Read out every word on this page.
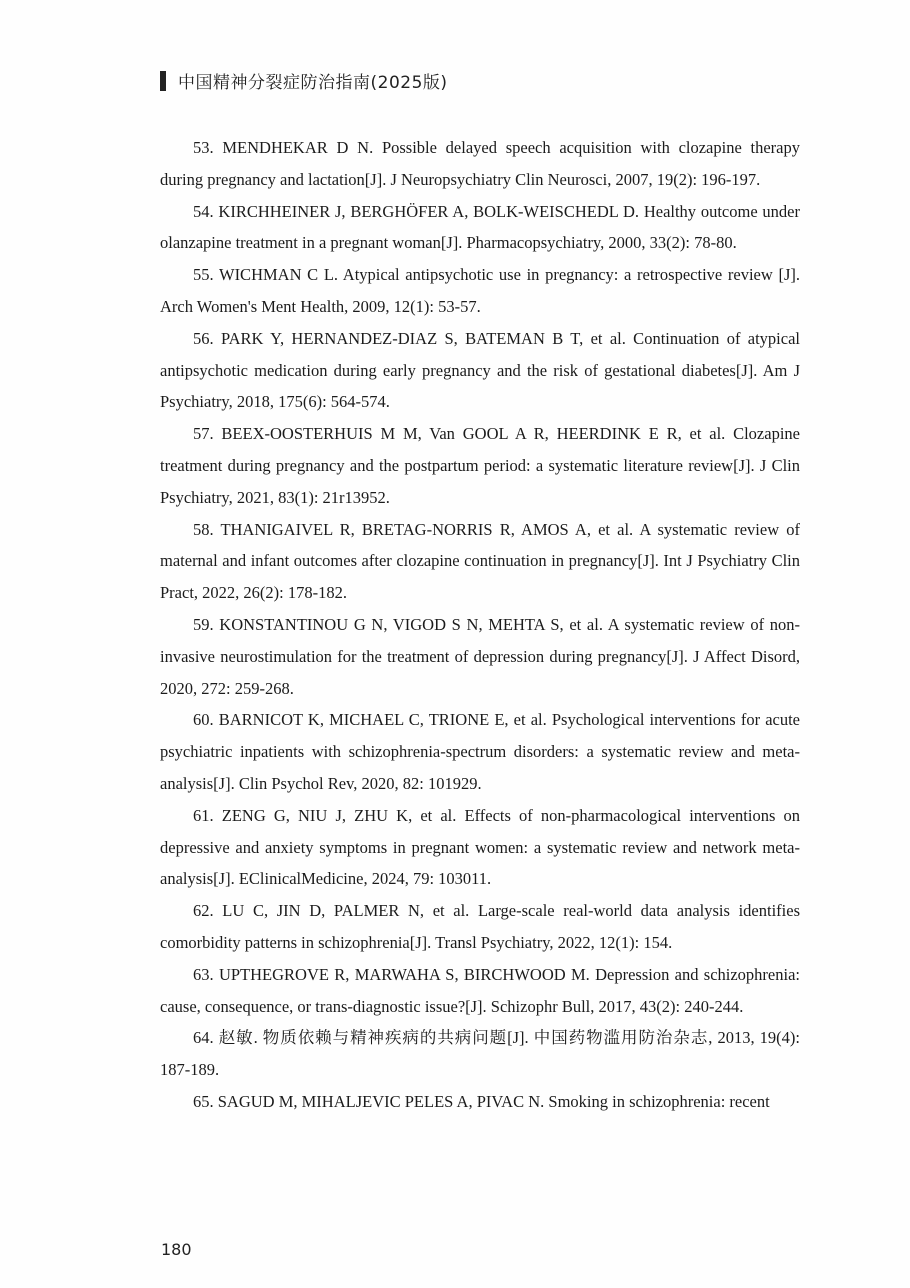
中国精神分裂症防治指南(2025版)

53. MENDHEKAR D N. Possible delayed speech acquisition with clozapine therapy during pregnancy and lactation[J]. J Neuropsychiatry Clin Neurosci, 2007, 19(2): 196-197.

54. KIRCHHEINER J, BERGHÖFER A, BOLK-WEISCHEDL D. Healthy outcome under olanzapine treatment in a pregnant woman[J]. Pharmacopsychiatry, 2000, 33(2): 78-80.

55. WICHMAN C L. Atypical antipsychotic use in pregnancy: a retrospective review [J]. Arch Women's Ment Health, 2009, 12(1): 53-57.

56. PARK Y, HERNANDEZ-DIAZ S, BATEMAN B T, et al. Continuation of atypical antipsychotic medication during early pregnancy and the risk of gestational diabetes[J]. Am J Psychiatry, 2018, 175(6): 564-574.

57. BEEX-OOSTERHUIS M M, Van GOOL A R, HEERDINK E R, et al. Clozapine treatment during pregnancy and the postpartum period: a systematic literature review[J]. J Clin Psychiatry, 2021, 83(1): 21r13952.

58. THANIGAIVEL R, BRETAG-NORRIS R, AMOS A, et al. A systematic review of maternal and infant outcomes after clozapine continuation in pregnancy[J]. Int J Psychiatry Clin Pract, 2022, 26(2): 178-182.

59. KONSTANTINOU G N, VIGOD S N, MEHTA S, et al. A systematic review of non-invasive neurostimulation for the treatment of depression during pregnancy[J]. J Affect Disord, 2020, 272: 259-268.

60. BARNICOT K, MICHAEL C, TRIONE E, et al. Psychological interventions for acute psychiatric inpatients with schizophrenia-spectrum disorders: a systematic review and meta-analysis[J]. Clin Psychol Rev, 2020, 82: 101929.

61. ZENG G, NIU J, ZHU K, et al. Effects of non-pharmacological interventions on depressive and anxiety symptoms in pregnant women: a systematic review and network meta-analysis[J]. EClinicalMedicine, 2024, 79: 103011.

62. LU C, JIN D, PALMER N, et al. Large-scale real-world data analysis identifies comorbidity patterns in schizophrenia[J]. Transl Psychiatry, 2022, 12(1): 154.

63. UPTHEGROVE R, MARWAHA S, BIRCHWOOD M. Depression and schizophrenia: cause, consequence, or trans-diagnostic issue?[J]. Schizophr Bull, 2017, 43(2): 240-244.

64. 赵敏. 物质依赖与精神疾病的共病问题[J]. 中国药物滥用防治杂志, 2013, 19(4): 187-189.

65. SAGUD M, MIHALJEVIC PELES A, PIVAC N. Smoking in schizophrenia: recent

180
